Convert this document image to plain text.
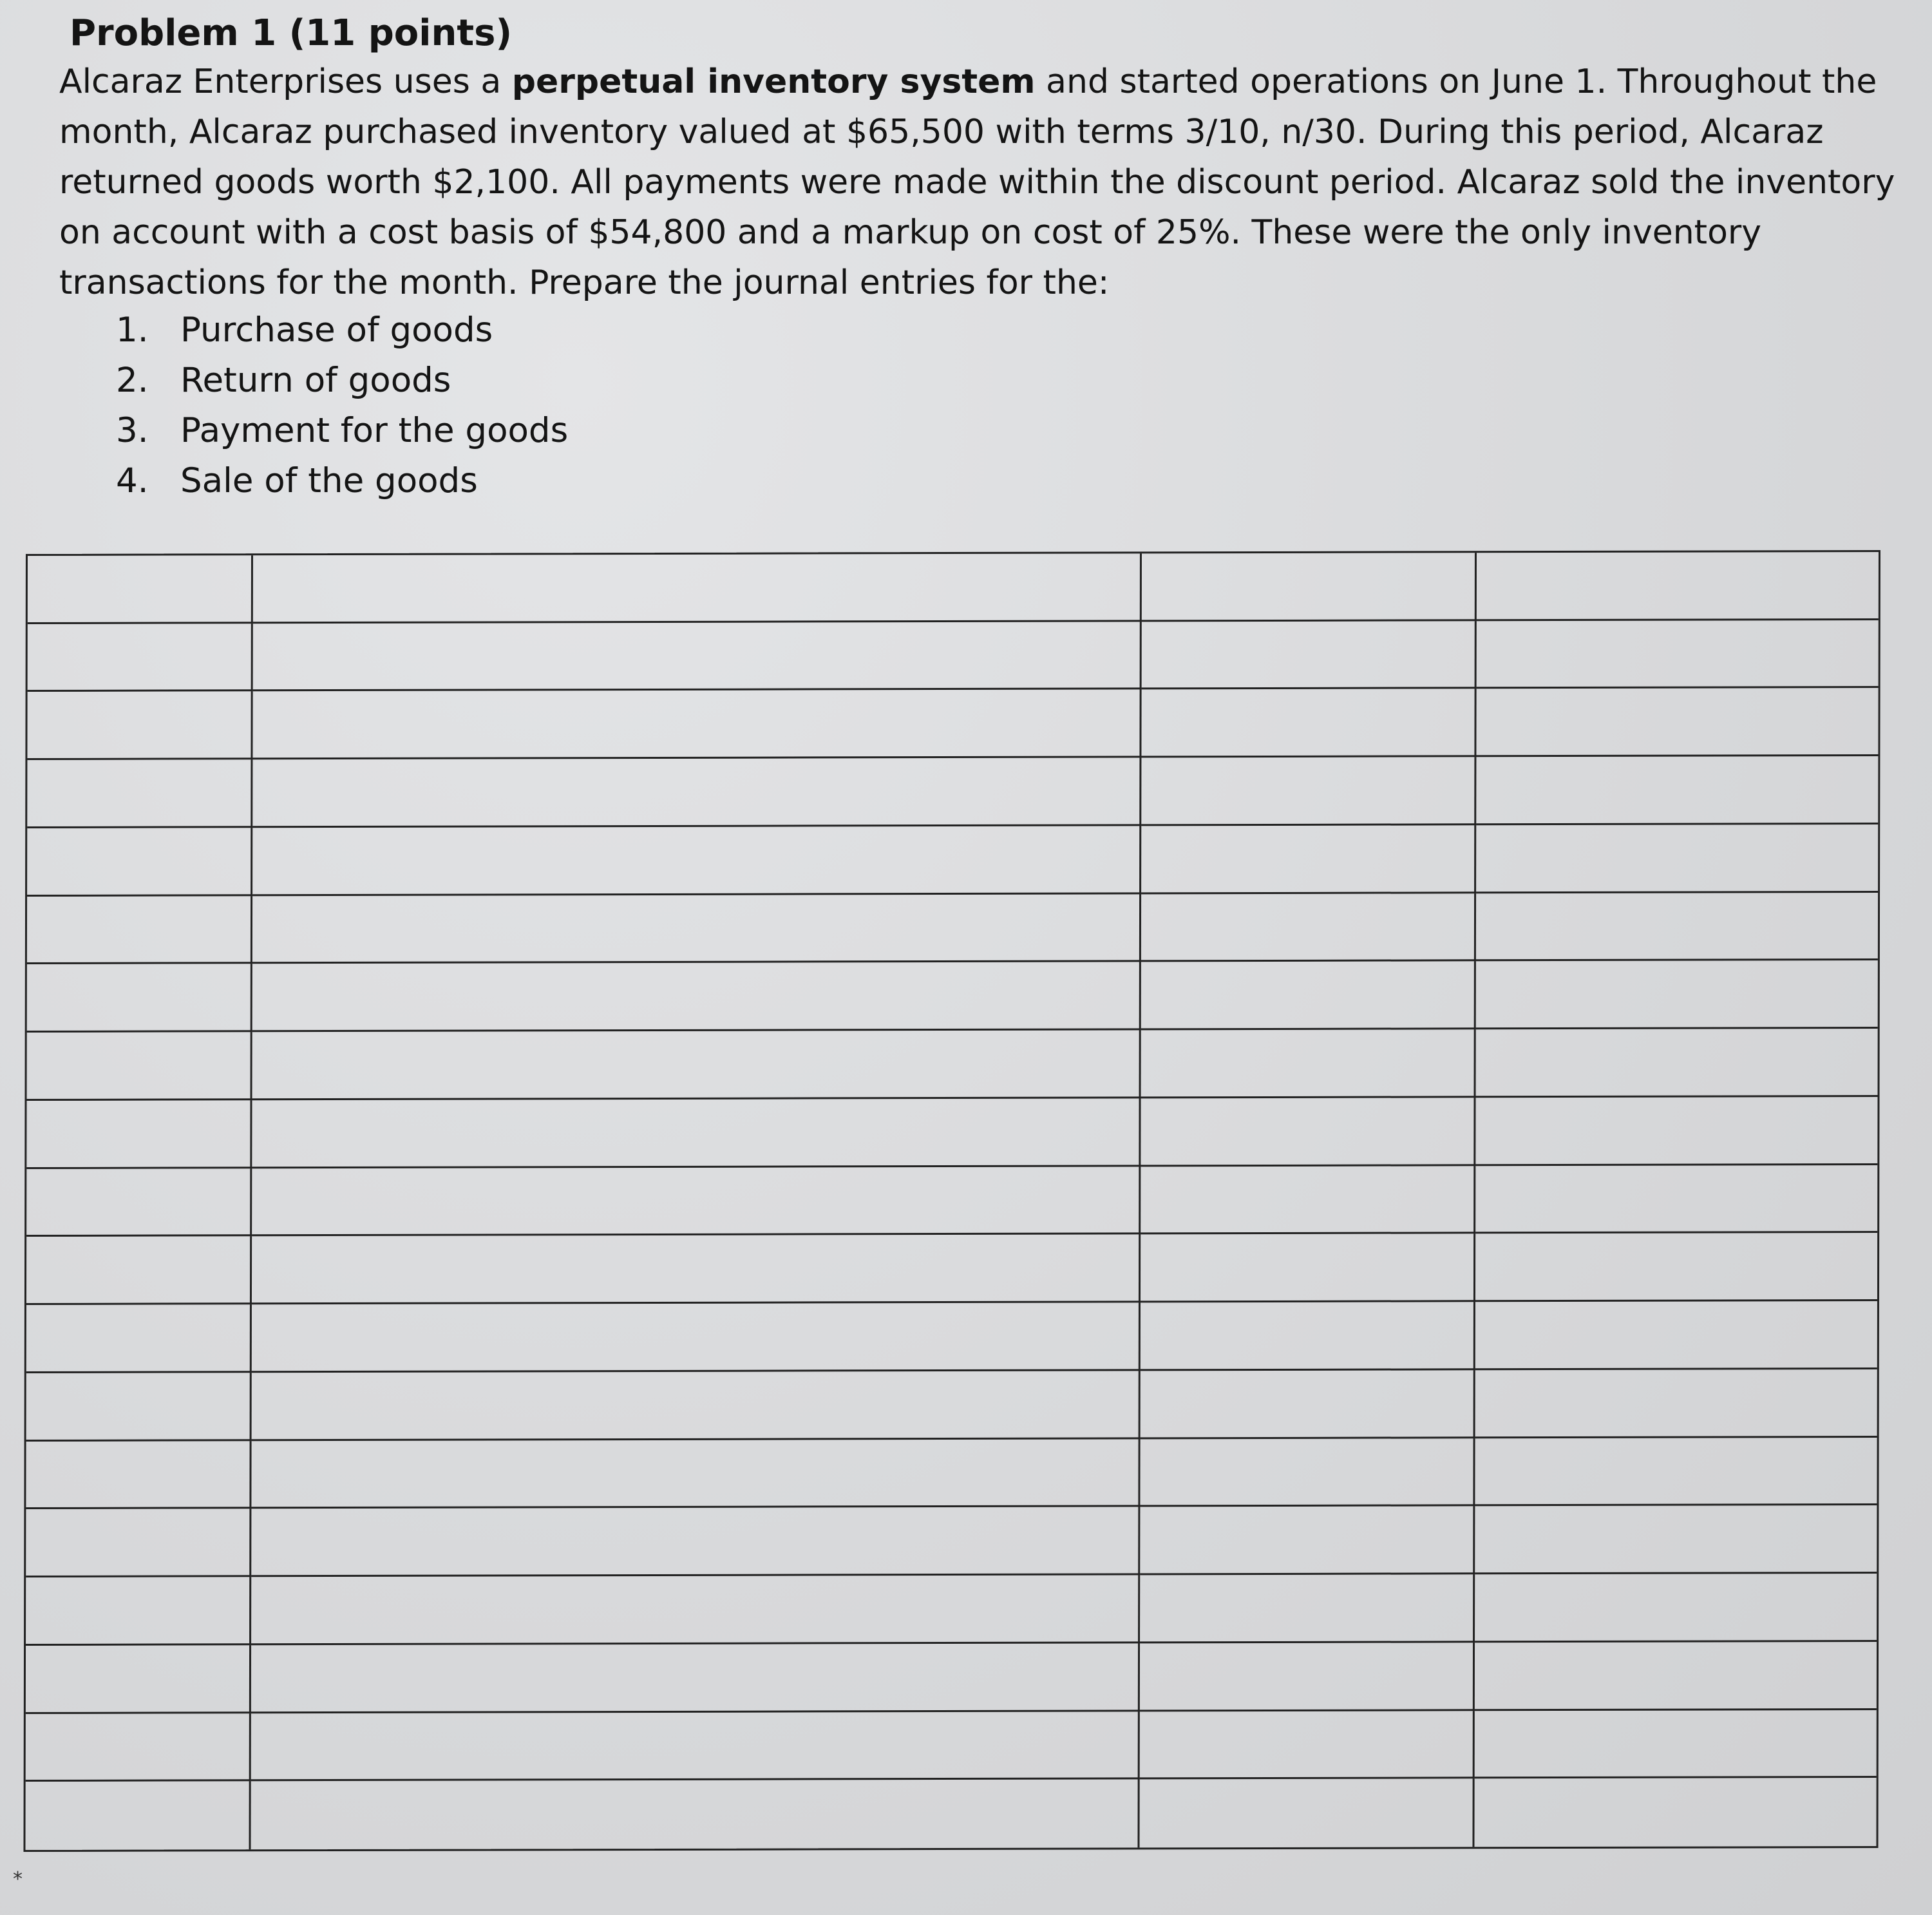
Problem 1 (11 points)
Alcaraz Enterprises uses a perpetual inventory system and started operations on June 1. Throughout the
month, Alcaraz purchased inventory valued at $65,500 with terms 3/10, n/30. During this period, Alcaraz
returned goods worth $2,100. All payments were made within the discount period. Alcaraz sold the inventory
on account with a cost basis of $54,800 and a markup on cost of 25%. These were the only inventory
transactions for the month. Prepare the journal entries for the:
1. Purchase of goods
2. Return of goods
3. Payment for the goods
4. Sale of the goods
*
